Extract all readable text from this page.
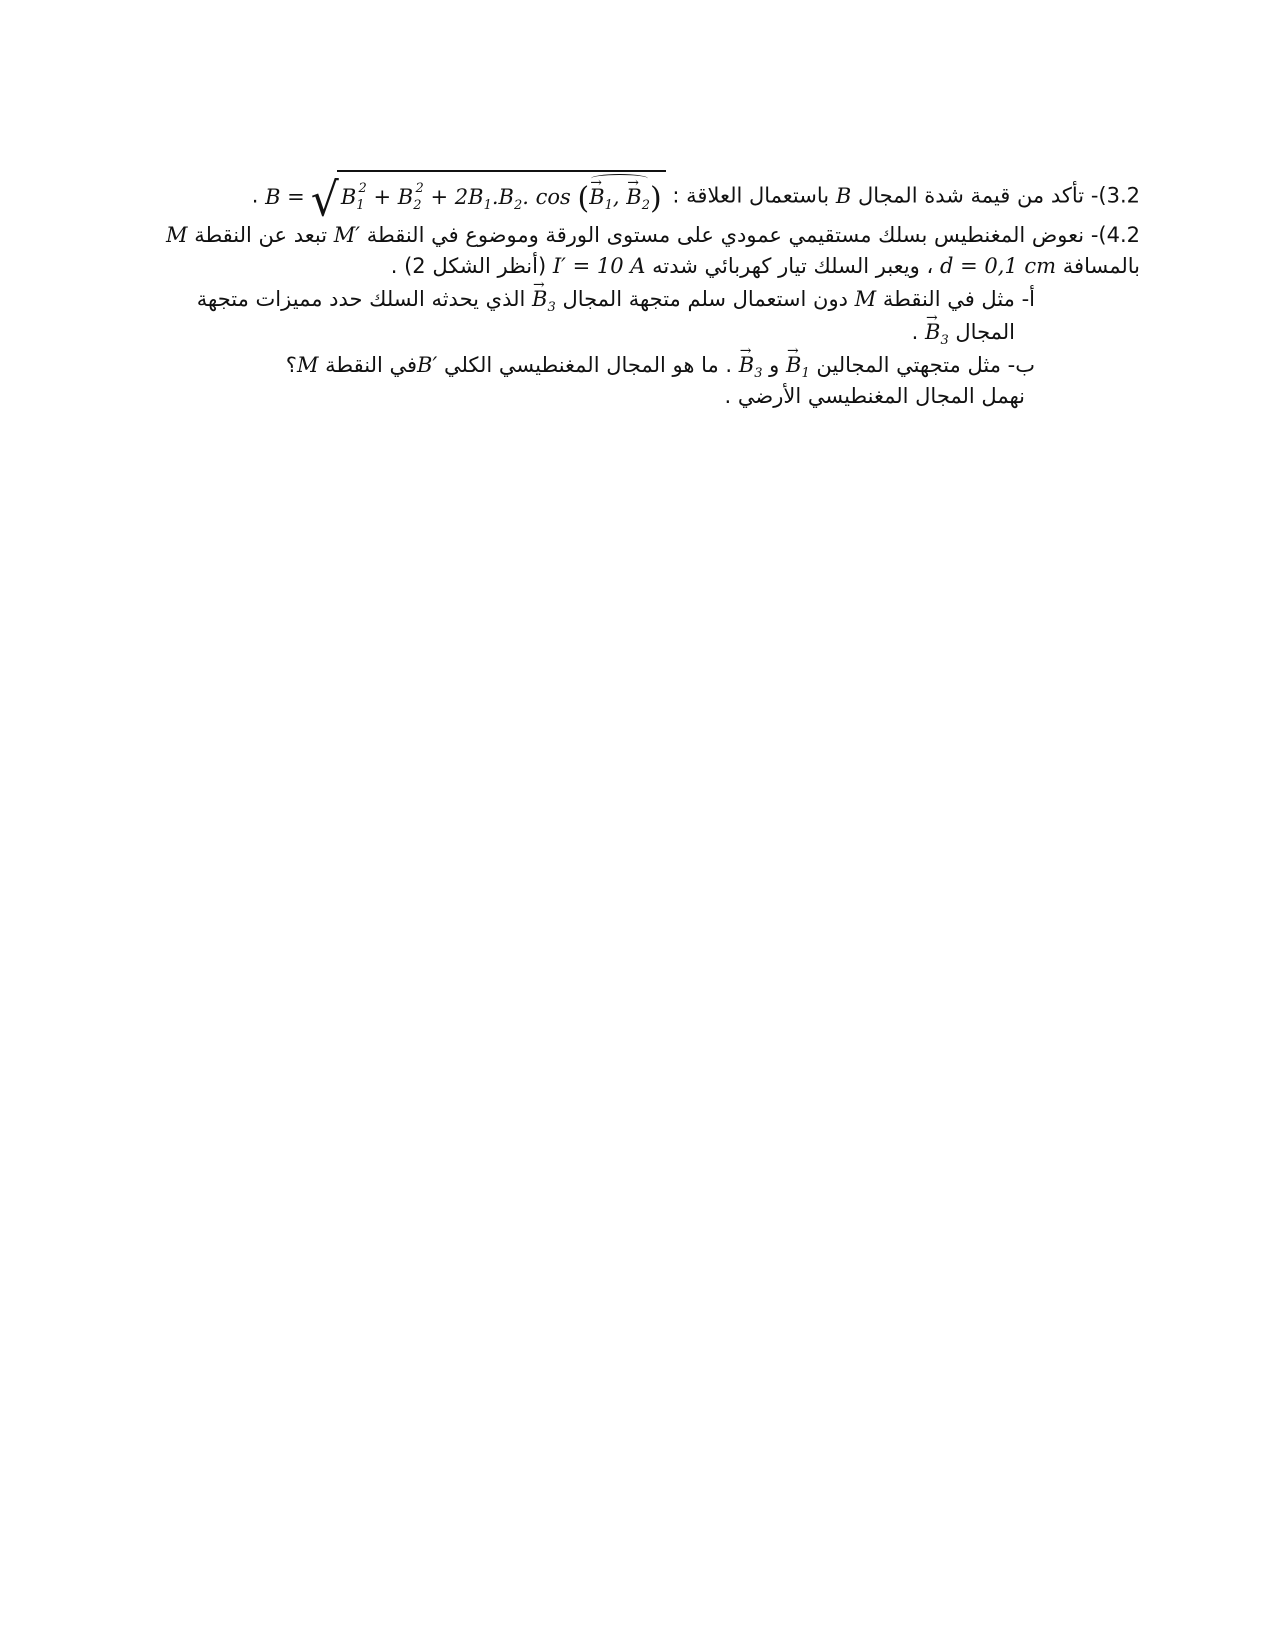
3.2)- تأكد من قيمة شدة المجال B باستعمال العلاقة :
B = √ $B_1^2 + B_2^2 + 2B_1.B_2$. cos (→ $B_1$, → $B_2$)
.
4.2)- نعوض المغنطيس بسلك مستقيمي عمودي على مستوى الورقة وموضوع في النقطة M′ تبعد عن النقطة M
بالمسافة d = 0,1 cm ، ويعبر السلك تيار كهربائي شدته I′ = 10 A (أنظر الشكل 2) .
أ- مثل في النقطة M دون استعمال سلم متجهة المجال → $B_3$ الذي يحدثه السلك حدد مميزات متجهة
المجال → $B_3$ .
ب- مثل متجهتي المجالين → $B_1$ و → $B_3$ . ما هو المجال المغنطيسي الكلي B′في النقطة M؟
نهمل المجال المغنطيسي الأرضي .
